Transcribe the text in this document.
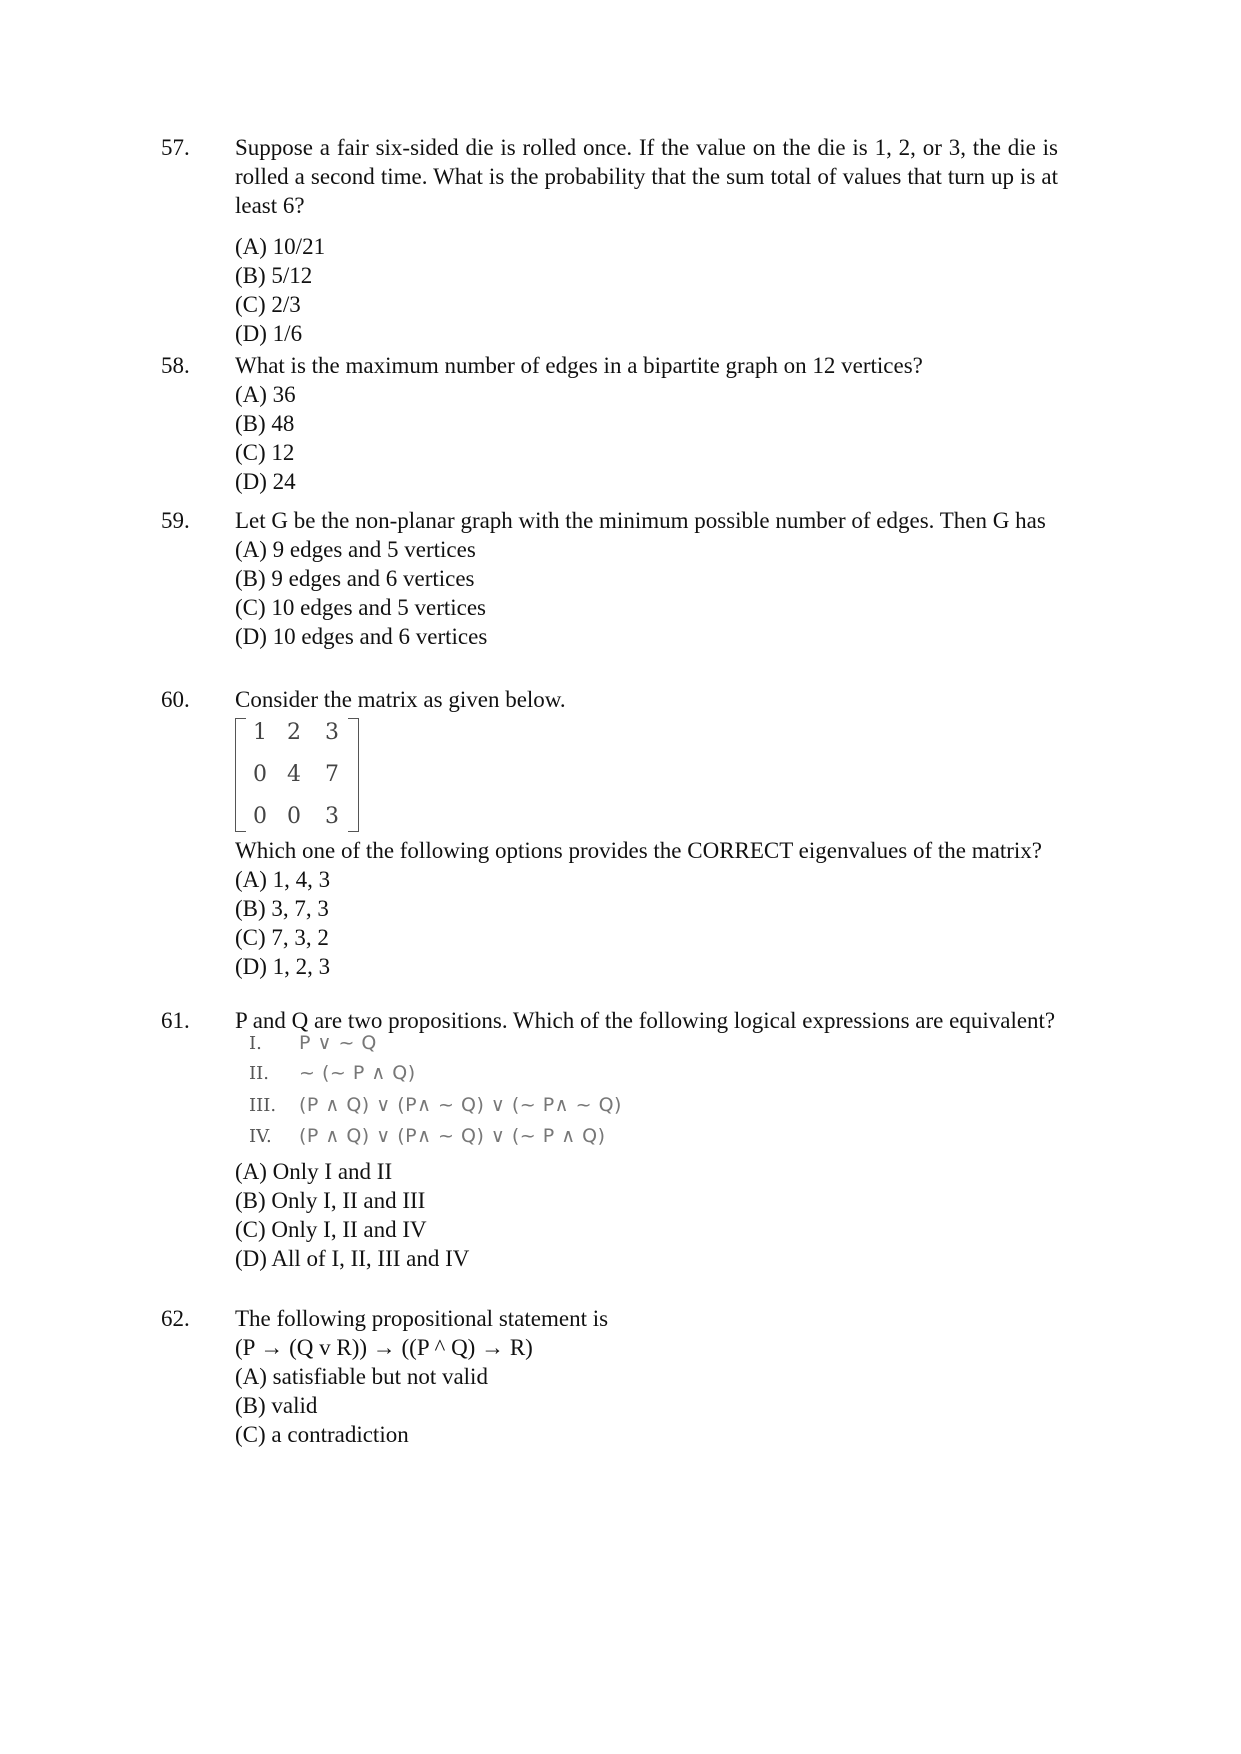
57. Suppose a fair six-sided die is rolled once. If the value on the die is 1, 2, or 3, the die is rolled a second time. What is the probability that the sum total of values that turn up is at least 6?
(A) 10/21
(B) 5/12
(C) 2/3
(D) 1/6
58. What is the maximum number of edges in a bipartite graph on 12 vertices?
(A) 36
(B) 48
(C) 12
(D) 24
59. Let G be the non-planar graph with the minimum possible number of edges. Then G has
(A) 9 edges and 5 vertices
(B) 9 edges and 6 vertices
(C) 10 edges and 5 vertices
(D) 10 edges and 6 vertices
60. Consider the matrix as given below.
1 2 3
0 4 7
0 0 3
Which one of the following options provides the CORRECT eigenvalues of the matrix?
(A) 1, 4, 3
(B) 3, 7, 3
(C) 7, 3, 2
(D) 1, 2, 3
61. P and Q are two propositions. Which of the following logical expressions are equivalent?
I. P ∨ ~ Q
II. ~ (~ P ∧ Q)
III. (P ∧ Q) ∨ (P∧ ~ Q) ∨ (~ P∧ ~ Q)
IV. (P ∧ Q) ∨ (P∧ ~ Q) ∨ (~ P ∧ Q)
(A) Only I and II
(B) Only I, II and III
(C) Only I, II and IV
(D) All of I, II, III and IV
62. The following propositional statement is
(P → (Q v R)) → ((P ^ Q) → R)
(A) satisfiable but not valid
(B) valid
(C) a contradiction
